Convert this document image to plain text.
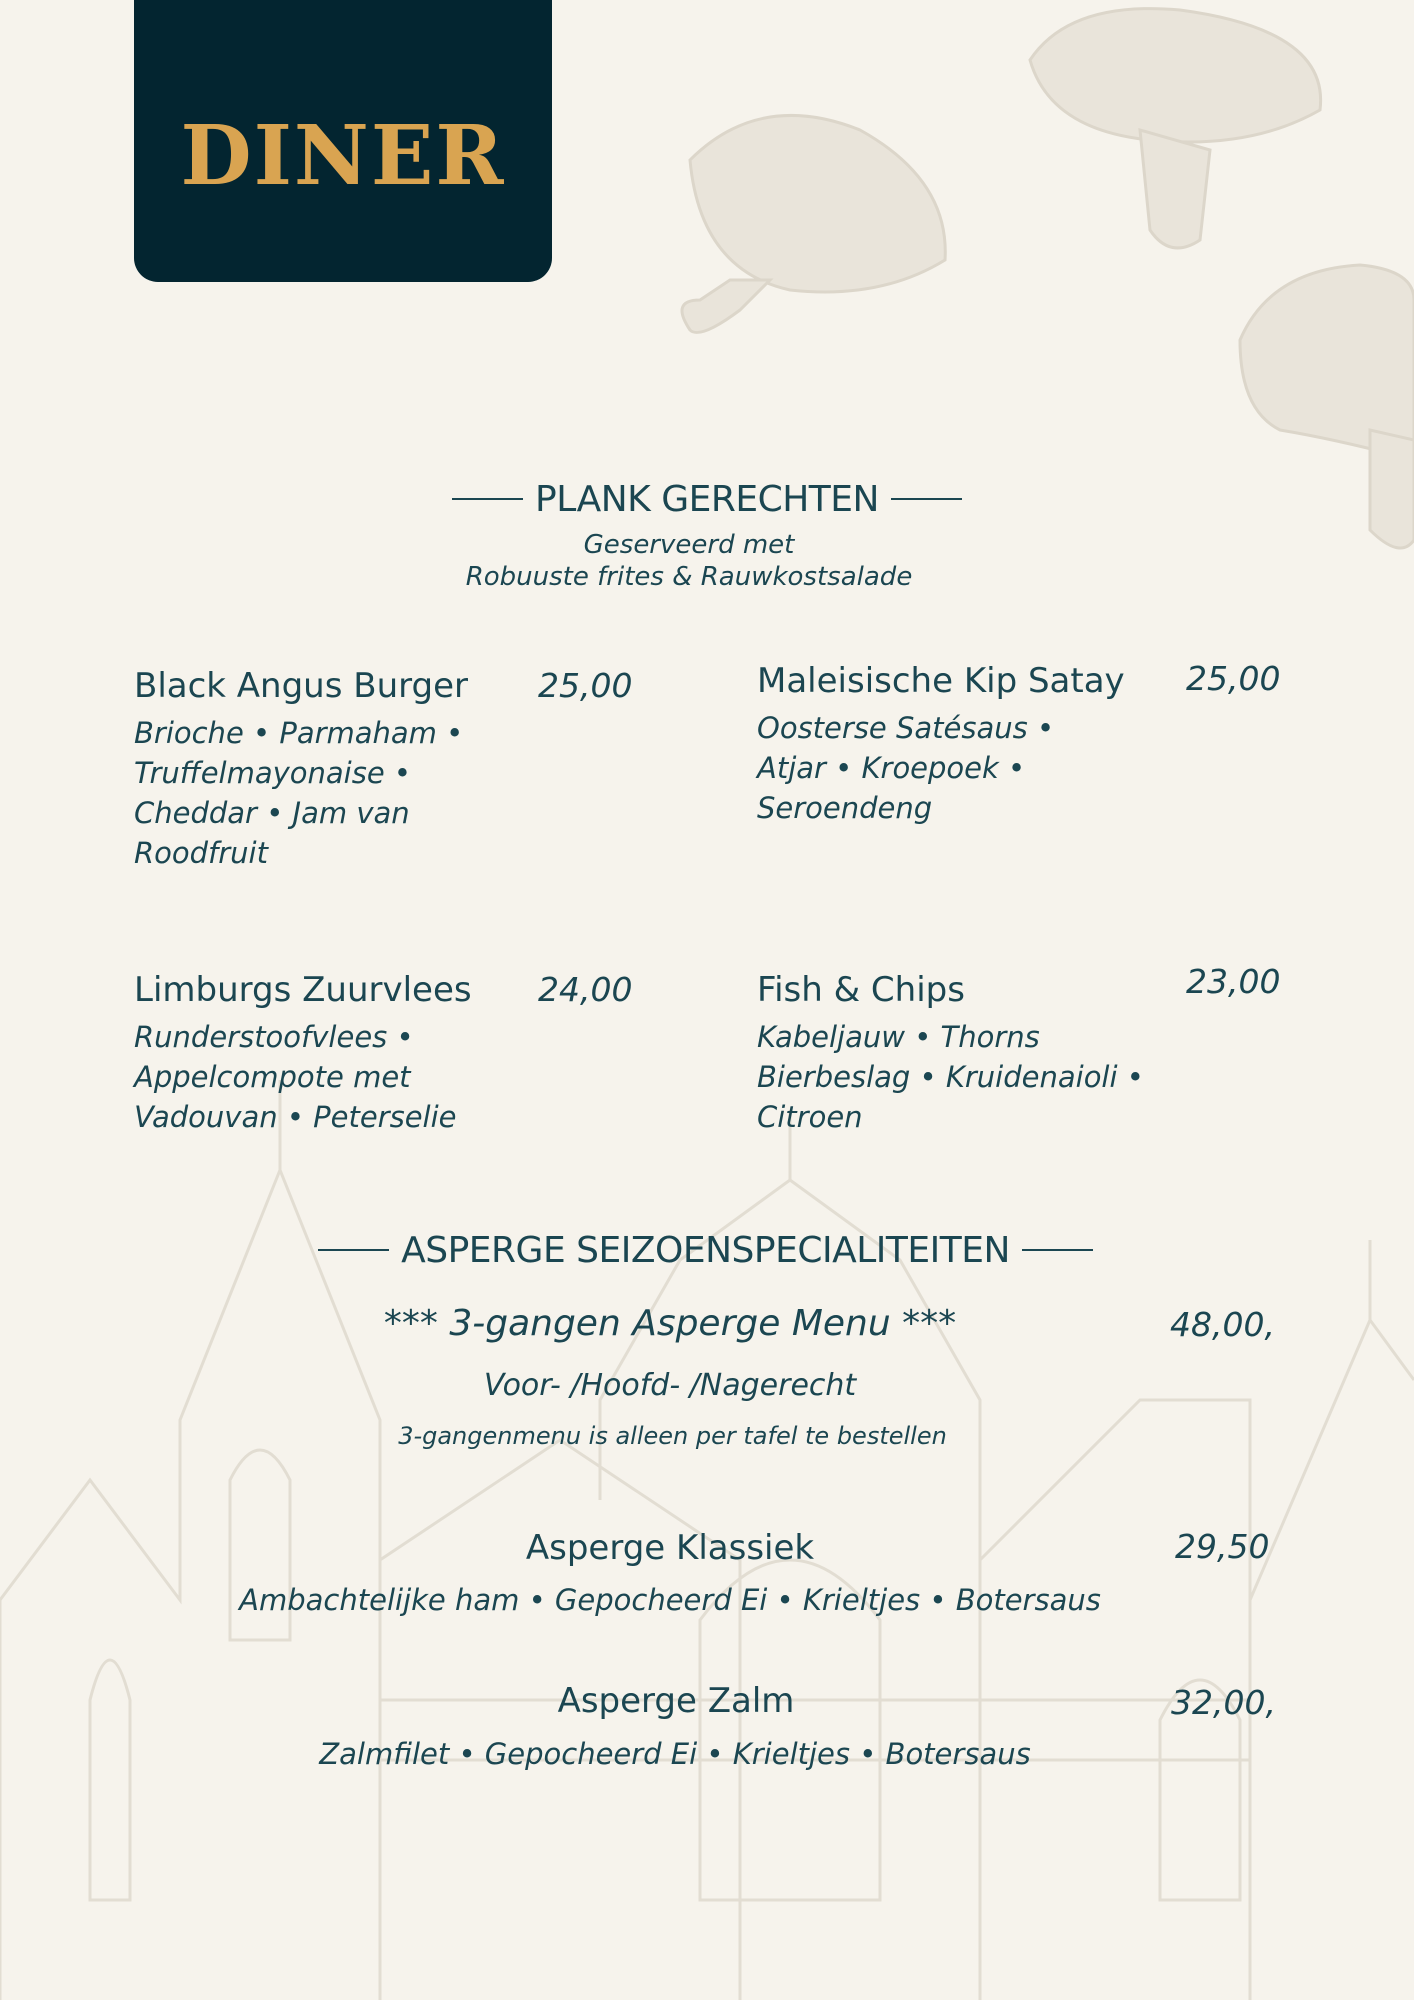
DINER
PLANK GERECHTEN
Geserveerd met
Robuuste frites & Rauwkostsalade
Black Angus Burger 25,00
Brioche • Parmaham •
Truffelmayonaise •
Cheddar • Jam van
Roodfruit
Maleisische Kip Satay 25,00
Oosterse Satésaus •
Atjar • Kroepoek •
Seroendeng
Limburgs Zuurvlees 24,00
Runderstoofvlees •
Appelcompote met
Vadouvan • Peterselie
Fish & Chips	23,00
Kabeljauw • Thorns
Bierbeslag • Kruidenaioli •
Citroen
ASPERGE SEIZOENSPECIALITEITEN
*** 3-gangen Asperge Menu ***	48,00,
Voor- /Hoofd- /Nagerecht
3-gangenmenu is alleen per tafel te bestellen
Asperge Klassiek	29,50
Ambachtelijke ham • Gepocheerd Ei • Krieltjes • Botersaus
Asperge Zalm	32,00,
Zalmfilet • Gepocheerd Ei • Krieltjes • Botersaus
